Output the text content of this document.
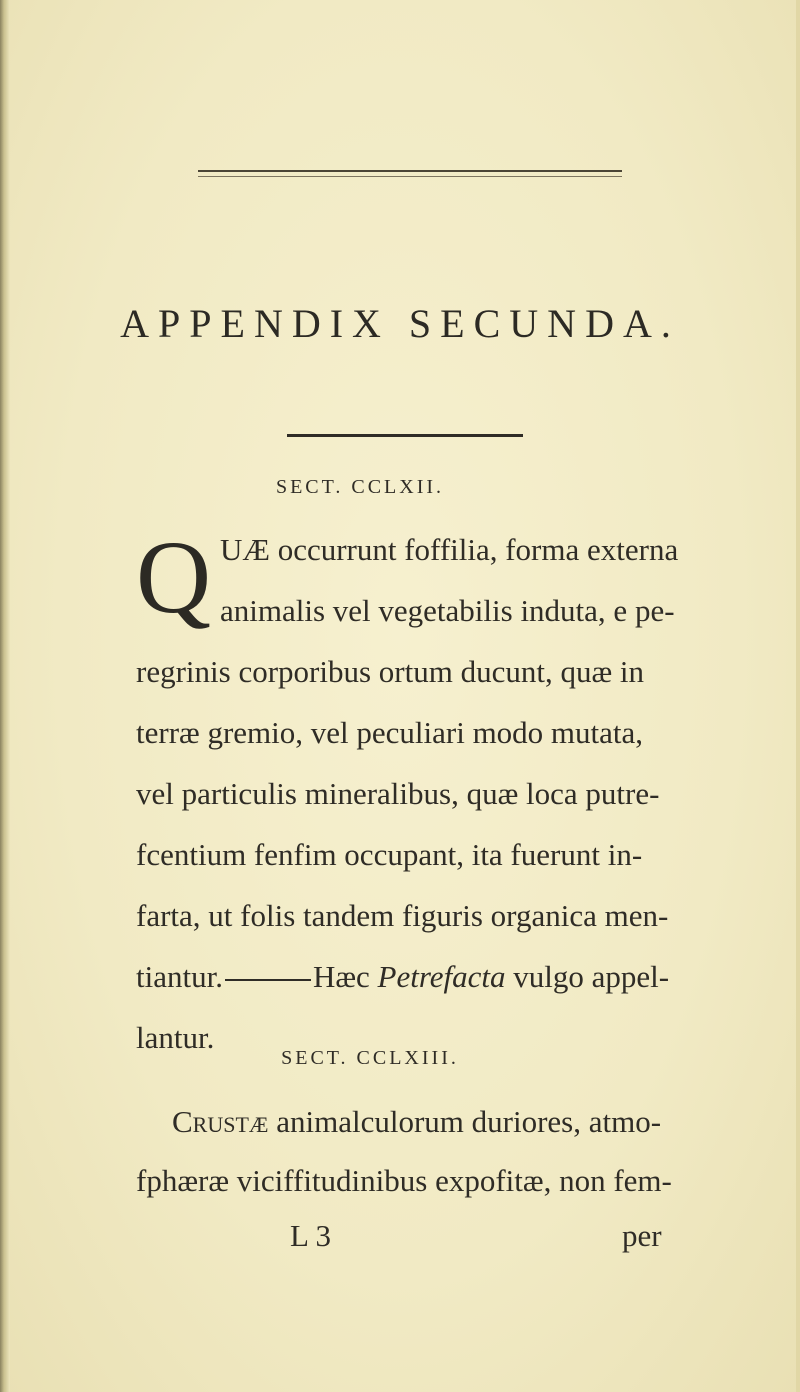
APPENDIX SECUNDA.
SECT. CCLXII.
Q UÆ occurrunt foffilia, forma externa
animalis vel vegetabilis induta, e pe-
regrinis corporibus ortum ducunt, quæ in
terræ gremio, vel peculiari modo mutata,
vel particulis mineralibus, quæ loca putre-
fcentium fenfim occupant, ita fuerunt in-
farta, ut folis tandem figuris organica men-
tiantur.	Hæc Petrefacta vulgo appel-
lantur.
SECT. CCLXIII.
Crustæ animalculorum duriores, atmo-
fphæræ viciffitudinibus expofitæ, non fem-
L 3	per
